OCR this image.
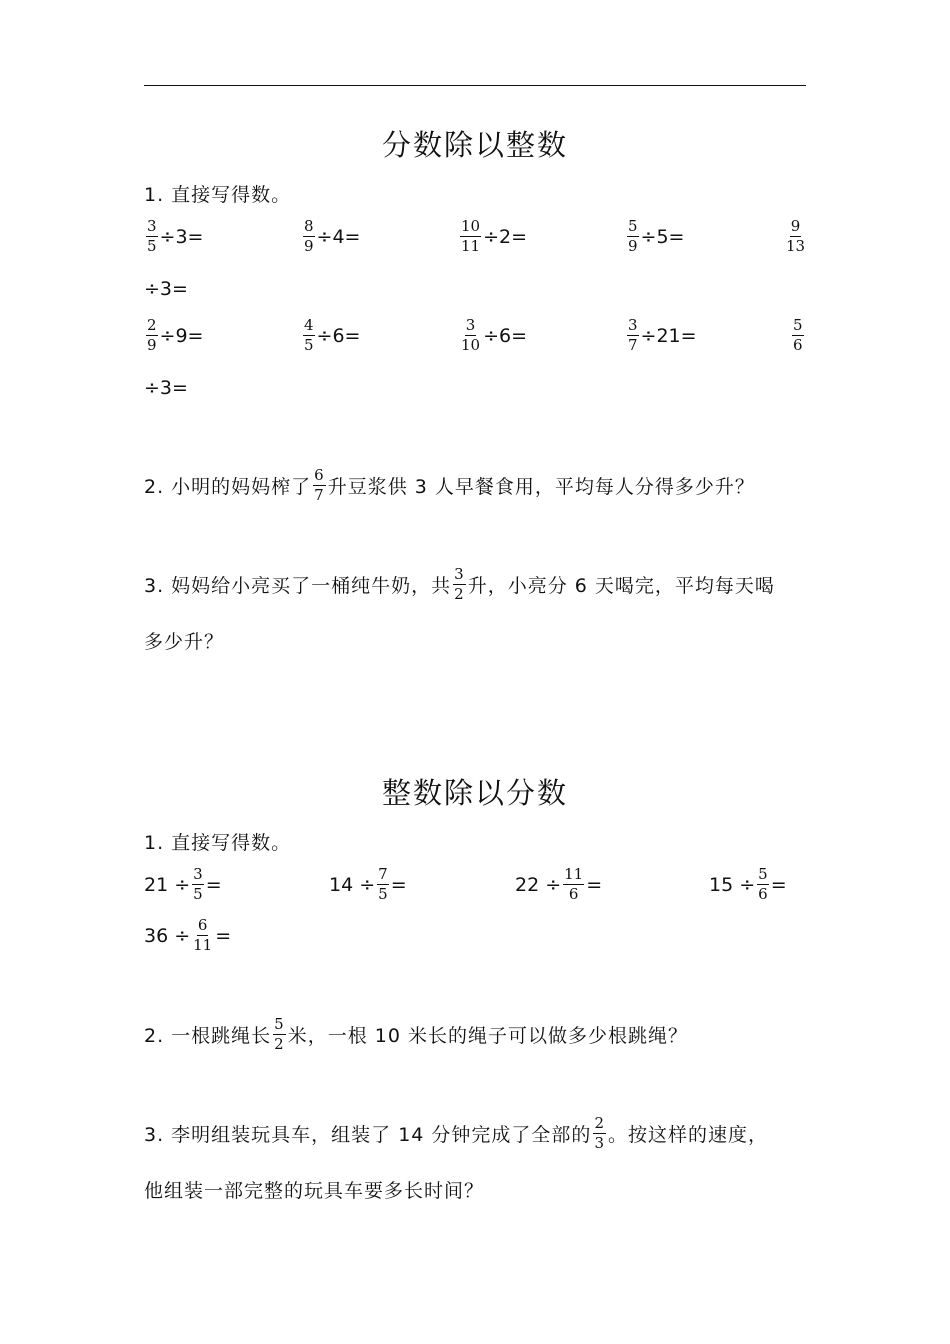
分数除以整数
1. 直接写得数。
$\frac{3}{5} \div 3=$	$\frac{8}{9} \div 4=$	$\frac{10}{11} \div 2=$	$\frac{5}{9} \div 5=$	$\frac{9}{13}$
÷3=
$\frac{2}{9} \div 9=$	$\frac{4}{5} \div 6=$	$\frac{3}{10} \div 6=$	$\frac{3}{7} \div 21=$	$\frac{5}{6}$
÷3=
2. 小明的妈妈榨了 $\frac{6}{7}$ 升豆浆供 3 人早餐食用，平均每人分得多少升？
3. 妈妈给小亮买了一桶纯牛奶，共 $\frac{3}{2}$ 升，小亮分 6 天喝完，平均每天喝
多少升？
整数除以分数
1. 直接写得数。
$21 \div \frac{3}{5}$ =	$14 \div \frac{7}{5}$ =	$22 \div \frac{11}{6}$ =	$15 \div \frac{5}{6}$ =
$36 \div \frac{6}{11}$ =
2. 一根跳绳长 $\frac{5}{2}$ 米，一根 10 米长的绳子可以做多少根跳绳？
3. 李明组装玩具车，组装了 14 分钟完成了全部的 $\frac{2}{3}$ 。按这样的速度，
他组装一部完整的玩具车要多长时间？
